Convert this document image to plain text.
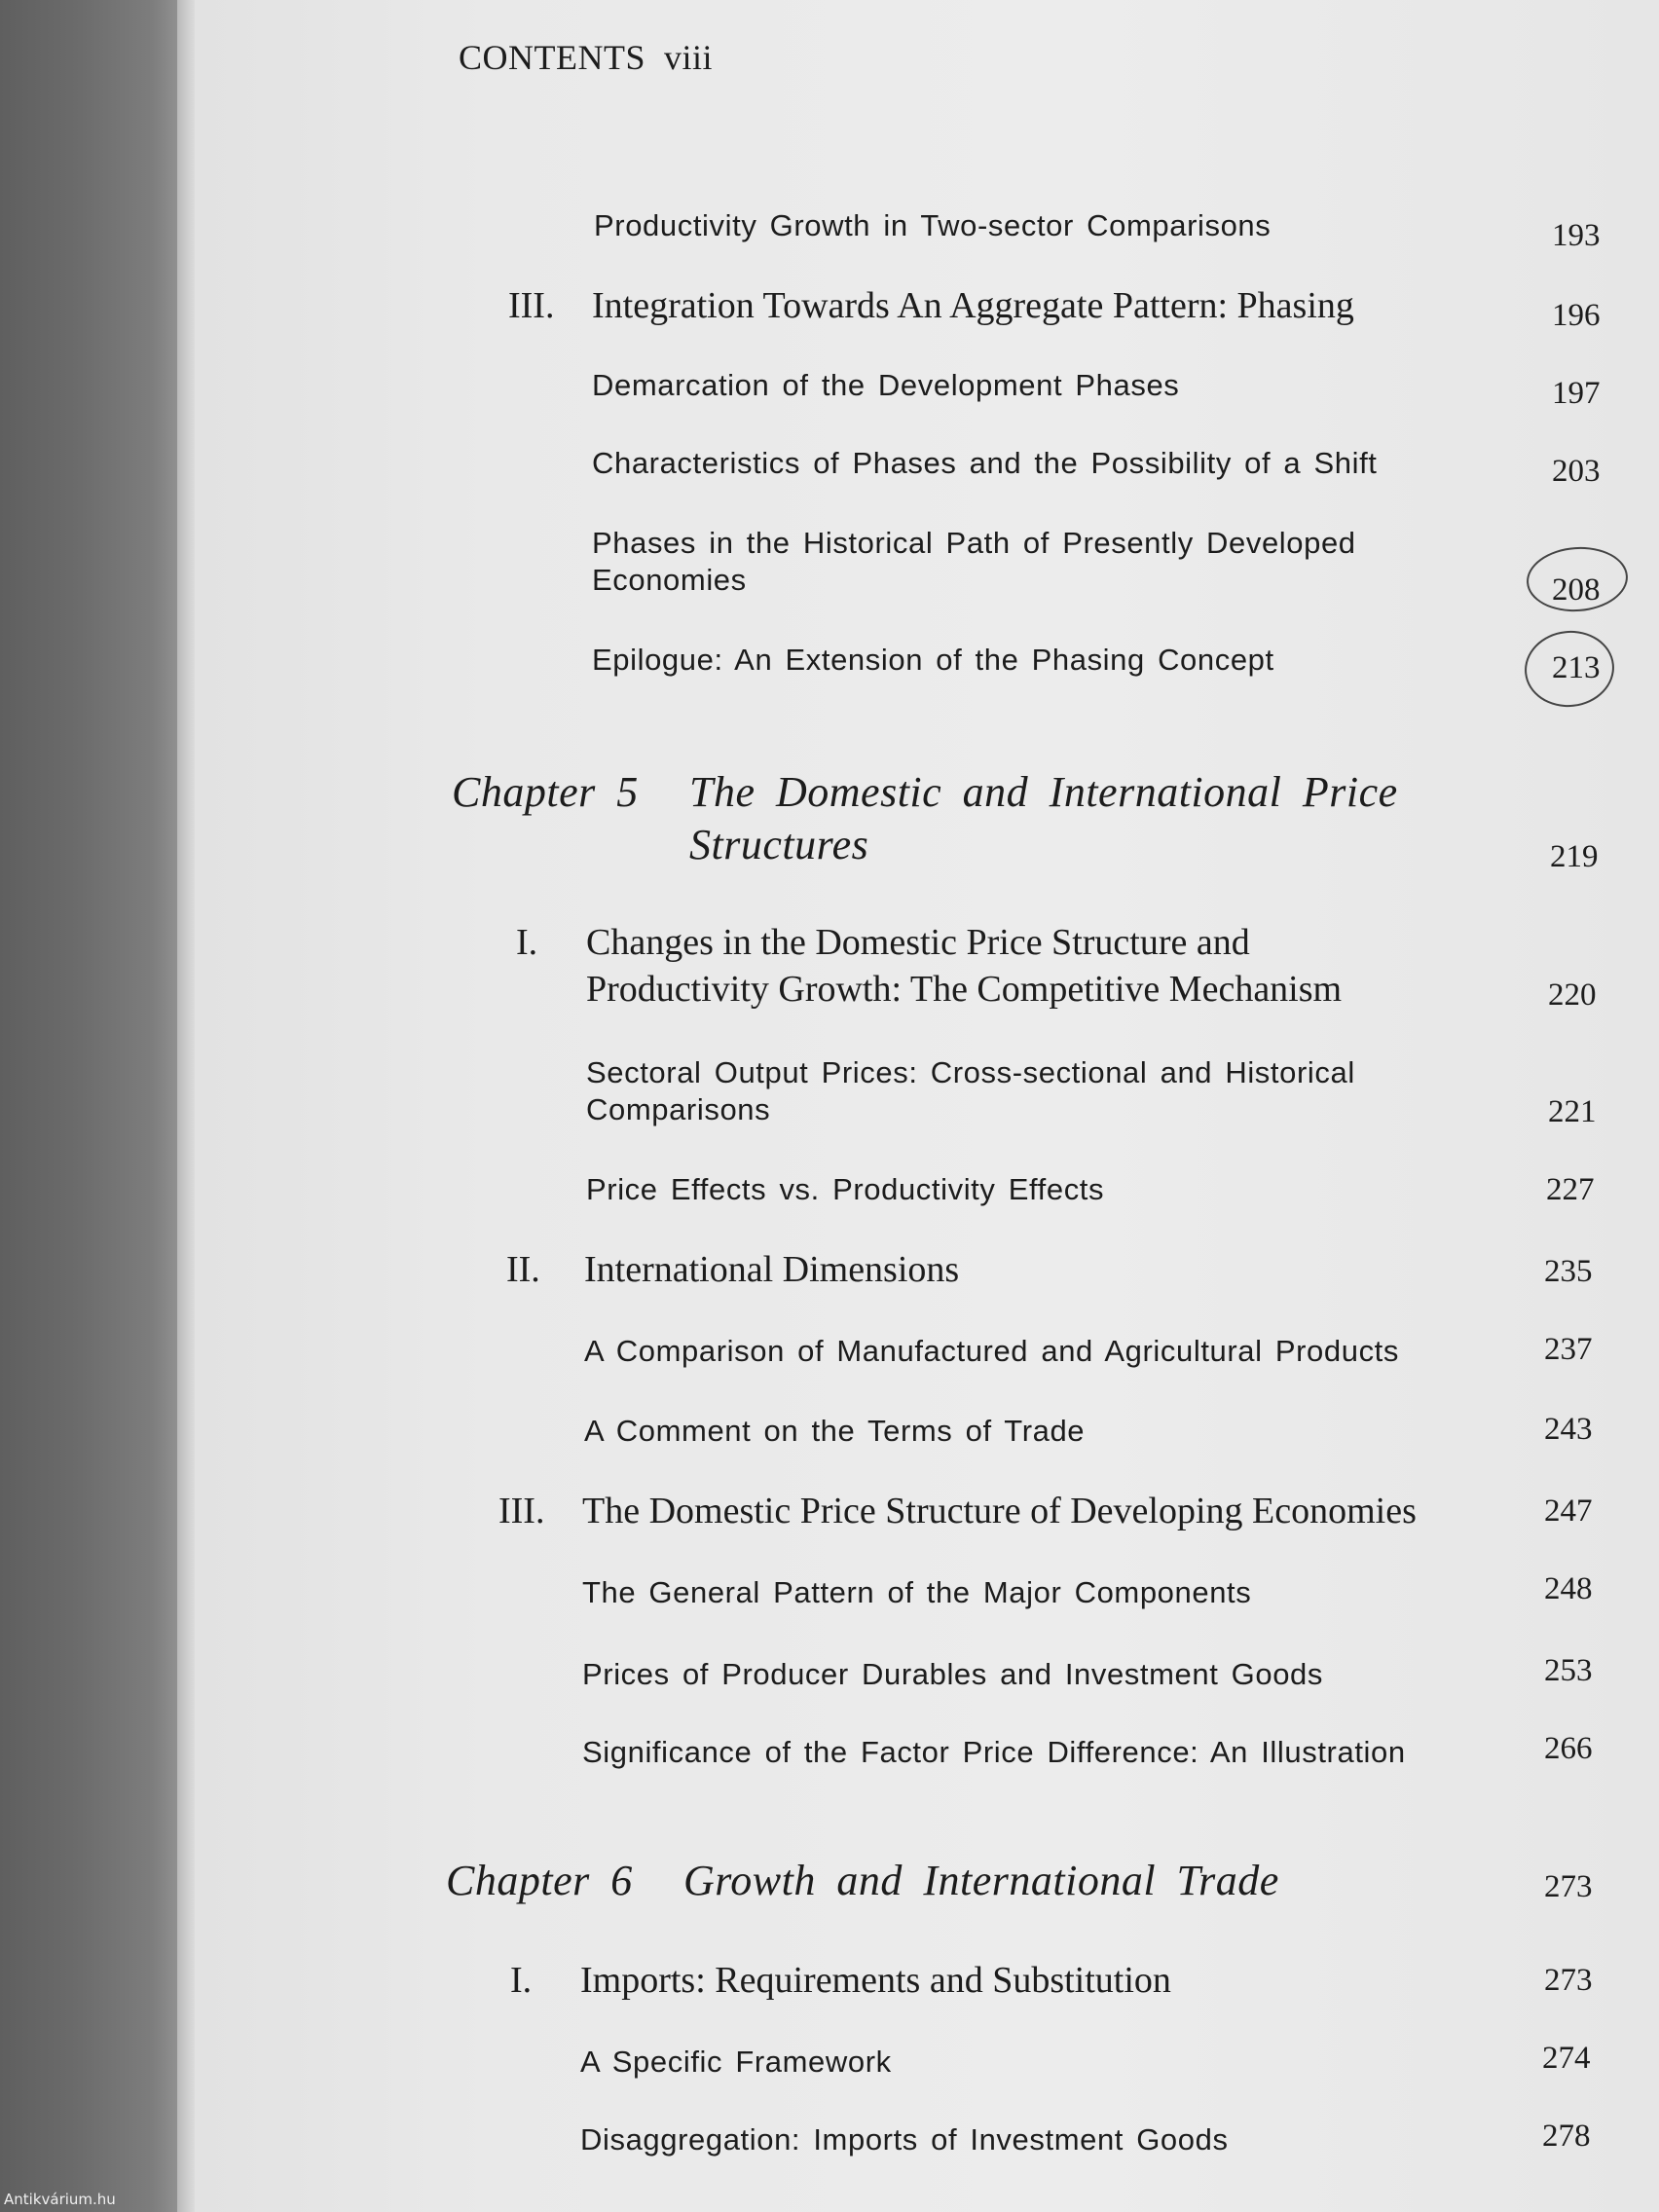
CONTENTS viii
Productivity Growth in Two-sector Comparisons	193
III. Integration Towards An Aggregate Pattern: Phasing	196
Demarcation of the Development Phases	197
Characteristics of Phases and the Possibility of a Shift	203
Phases in the Historical Path of Presently Developed
Economies	208
Epilogue: An Extension of the Phasing Concept	213
Chapter 5 The Domestic and International Price
Structures	219
I. Changes in the Domestic Price Structure and
Productivity Growth: The Competitive Mechanism	220
Sectoral Output Prices: Cross-sectional and Historical
Comparisons	221
Price Effects vs. Productivity Effects	227
II. International Dimensions	235
A Comparison of Manufactured and Agricultural Products	237
A Comment on the Terms of Trade	243
III. The Domestic Price Structure of Developing Economies	247
The General Pattern of the Major Components	248
Prices of Producer Durables and Investment Goods	253
Significance of the Factor Price Difference: An Illustration	266
Chapter 6 Growth and International Trade	273
I. Imports: Requirements and Substitution	273
A Specific Framework	274
Disaggregation: Imports of Investment Goods	278
Antikvárium.hu
